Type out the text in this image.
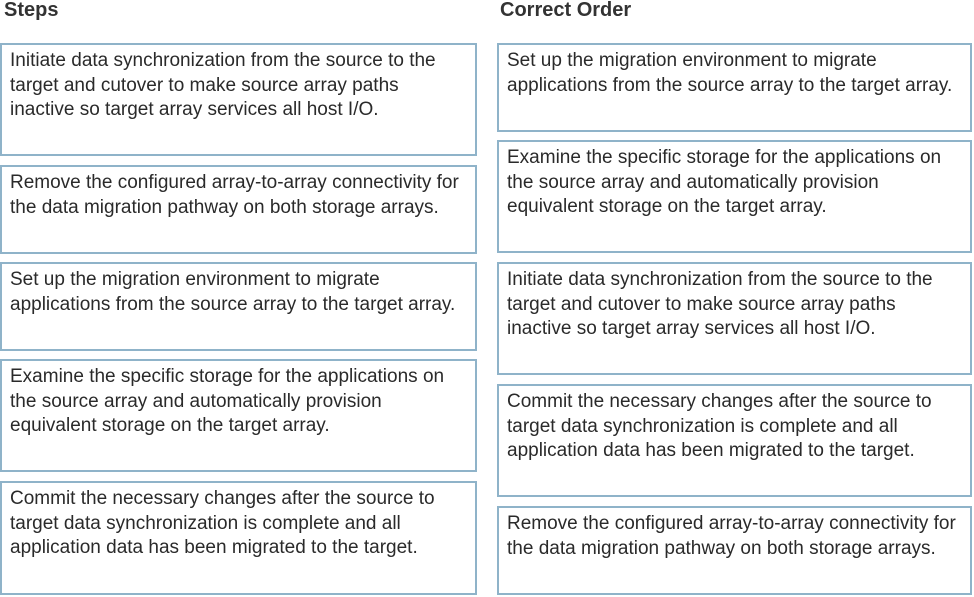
Steps	Correct Order
Initiate data synchronization from the source to the target and cutover to make source array paths inactive so target array services all host I/O.
Remove the configured array-to-array connectivity for the data migration pathway on both storage arrays.
Set up the migration environment to migrate applications from the source array to the target array.
Examine the specific storage for the applications on the source array and automatically provision equivalent storage on the target array.
Commit the necessary changes after the source to target data synchronization is complete and all application data has been migrated to the target.
Set up the migration environment to migrate applications from the source array to the target array.
Examine the specific storage for the applications on the source array and automatically provision equivalent storage on the target array.
Initiate data synchronization from the source to the target and cutover to make source array paths inactive so target array services all host I/O.
Commit the necessary changes after the source to target data synchronization is complete and all application data has been migrated to the target.
Remove the configured array-to-array connectivity for the data migration pathway on both storage arrays.
